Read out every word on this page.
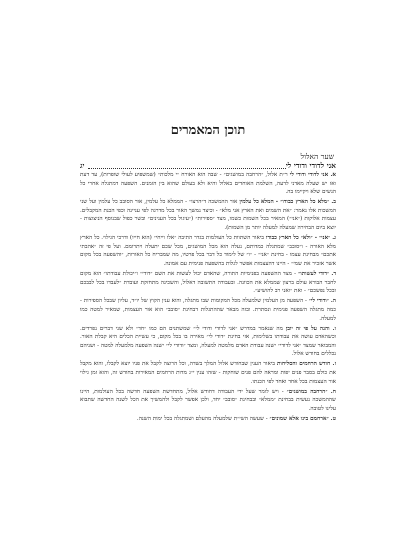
תוכן המאמרים
שער האלול
אני לדודי ודודי לי
יג

א. אני לדודי ודודי לי ר״ת אלול, ״הרחבה במושגים״ - שבה הוא האורח ״י מלכות״ (שמשפיע לעולי שופרות), עד דעת ואז יש שעלה מאדני לדעה, השלמת האוחדים באלול והיא ולא בעולם שהוא בין הזמנים. השפעה דמתגלה אחרי כל הנשים שלא ויקיימו בה.

ב. ״מלא כל הארץ כבודו״ - המלא כל עלמין אור ההמשכה ד״הרצו״ - הממלא כל עלמין, אור הסובב כל עלמין ועל שני המשכות אלו נאמר: ״את השמים ואת הארץ אני מלא״ - וכיצד נמשך האור בכל מדרגה לפי עניינה וכפי הכנת המקבלים. עצמות אלוקות (״אני״) המאיר בכל השמות כשמו, מצד ״ספירות״ (״עיגול בכל הענינים״ ובשר כפול שבנוסף הניצוצות - יוצא ביום הבחירה שמעלה למעלה יותר מן השמות).

ג. ״אני״ - ״ולא״ כל הארץ כבודו ביאור השתוות כל העולמות בגדר התיבה ״אלו וייחי״ (הוא חייו) ודרכי הגילוי. כל הארץ מלא האורה - ו״סובב״ שמתגלה כמדותם, נעלה הוא מכל המושגים, מכל שכם יתעלה ויתרומם. ועל פי זה ״אהבתי אתכם״ מבחינת עצמו - בחינת ״אני״ - ״ו״ של לימוד כל דבר בכל פרטיו, מה שמבריח כל האורות, ״והשפעה בכל מקום אשר אזכיר את שמי״ - היינו דהעצמות אפשר לגלות בהשפעה פנימית עם אמונה.

ד. ״דודי לעשותו״ - מצד ההשפעה בפנימיות התורה, שהאדם יכול לעשות את השם ״דודי״ ו״יכולת עבודתו״ הוא מקום לחבר הבורא עולם ברצון שממלא את הכוונה. ובעבודה התשובה דאלול, והשכינה מתחזקת ועובדת ״לעבדו בכל לבבכם ובכל נפשכם״ - ואת ״ואני רב להושיע״.

ה. ״ודודי לי״ - השפעה מן העלמין שלמעלה מכל המקומות שבו מתגלה, והוא ענין הקוץ של יו״ד, עליון שבכל הספירות - כמה מתגלה השפעה פנימית ונסתרת. ובזה מבאר שההתגלות דבחינת ״סובב״ הוא אור העצמות, שמאיר למטה כמו למעלה.

ו. והנה על פי זה יובן מה שנאמר במדרש ״אני לדודי ודודי לי״ שמשתנים הם כמו ״חד״ ולא שני דברים נפרדים. וכשהאדם עושה את עבודתו בשלימות, אזי בחינת ״דודי לי״ מאירה בו בכל מקום, כי עשיית הכלים היא קבלת האור. והמבואר שמצד ״אני לדודי״ ישנה עבודת האדם מלמטה למעלה, ומצד ״ודודי לי״ ישנה השפעה מלמעלה למטה - ושניהם נכללים בחודש אלול.

ז. חודש הרחמים והסליחות ביאור הענין שבחודש אלול המלך בשדה, וכל הרוצה לקבל את פניו יוצא לקבלו, והוא מקבל את כולם בסבר פנים יפות ומראה להם פנים שוחקות - שזהו ענין י״ג מדות הרחמים המאירות בחודש זה, והוא זמן גילוי אור העצמות בכל אחד ואחד לפי הכנתו.

ח. ״הרחבה במושגים״ - ויש לומר שעל ידי העבודה דחודש אלול, מתחדשת השפעה חדשה בכל העולמות, היינו שההמשכה נעשית בבחינת ״ממלא״ ובבחינת ״סובב״ יחד, ולכן אפשר לקבל ולהמשיך את הכל לשנה החדשה שתבוא עלינו לטובה.

ט. ״ארחמם בינו אלא שמונים״ - שעשה השי״ת שלמעלה מהעלם ושמתגלה בכל ימות השנה.
